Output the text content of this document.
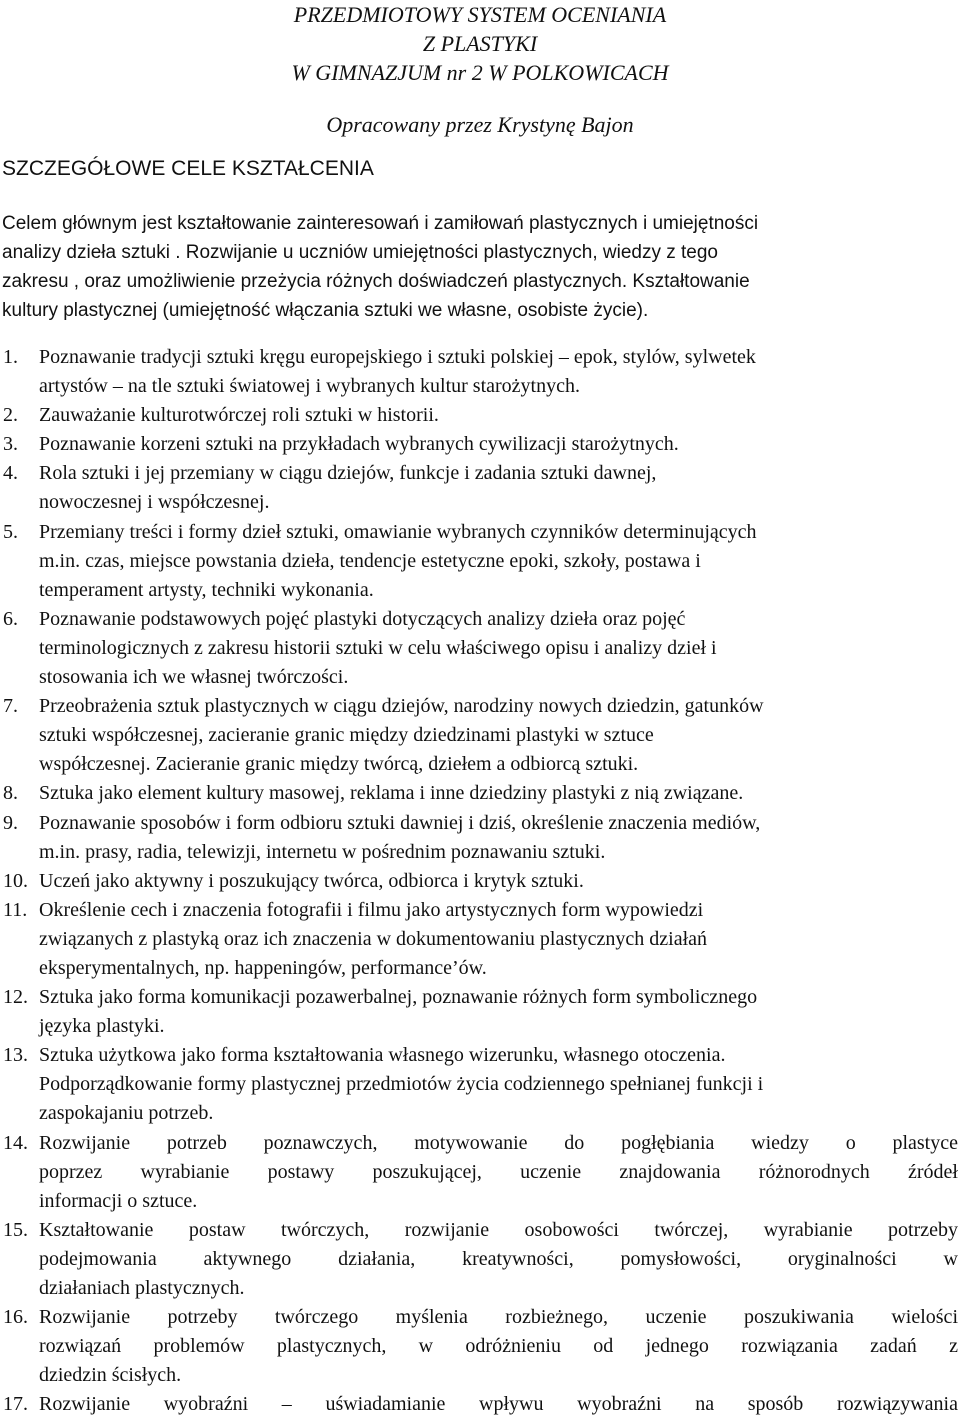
PRZEDMIOTOWY SYSTEM OCENIANIA
Z PLASTYKI
W GIMNAZJUM nr 2 W POLKOWICACH
Opracowany przez Krystynę Bajon
SZCZEGÓŁOWE CELE KSZTAŁCENIA
Celem głównym jest kształtowanie zainteresowań i zamiłowań plastycznych i umiejętności
analizy dzieła sztuki . Rozwijanie u uczniów umiejętności plastycznych, wiedzy z tego
zakresu , oraz umożliwienie przeżycia różnych doświadczeń plastycznych. Kształtowanie
kultury plastycznej (umiejętność włączania sztuki we własne, osobiste życie).
1. Poznawanie tradycji sztuki kręgu europejskiego i sztuki polskiej – epok, stylów, sylwetek
artystów – na tle sztuki światowej i wybranych kultur starożytnych.
2. Zauważanie kulturotwórczej roli sztuki w historii.
3. Poznawanie korzeni sztuki na przykładach wybranych cywilizacji starożytnych.
4. Rola sztuki i jej przemiany w ciągu dziejów, funkcje i zadania sztuki dawnej,
nowoczesnej i współczesnej.
5. Przemiany treści i formy dzieł sztuki, omawianie wybranych czynników determinujących
m.in. czas, miejsce powstania dzieła, tendencje estetyczne epoki, szkoły, postawa i
temperament artysty, techniki wykonania.
6. Poznawanie podstawowych pojęć plastyki dotyczących analizy dzieła oraz pojęć
terminologicznych z zakresu historii sztuki w celu właściwego opisu i analizy dzieł i
stosowania ich we własnej twórczości.
7. Przeobrażenia sztuk plastycznych w ciągu dziejów, narodziny nowych dziedzin, gatunków
sztuki współczesnej, zacieranie granic między dziedzinami plastyki w sztuce
współczesnej. Zacieranie granic między twórcą, dziełem a odbiorcą sztuki.
8. Sztuka jako element kultury masowej, reklama i inne dziedziny plastyki z nią związane.
9. Poznawanie sposobów i form odbioru sztuki dawniej i dziś, określenie znaczenia mediów,
m.in. prasy, radia, telewizji, internetu w pośrednim poznawaniu sztuki.
10. Uczeń jako aktywny i poszukujący twórca, odbiorca i krytyk sztuki.
11. Określenie cech i znaczenia fotografii i filmu jako artystycznych form wypowiedzi
związanych z plastyką oraz ich znaczenia w dokumentowaniu plastycznych działań
eksperymentalnych, np. happeningów, performance’ów.
12. Sztuka jako forma komunikacji pozawerbalnej, poznawanie różnych form symbolicznego
języka plastyki.
13. Sztuka użytkowa jako forma kształtowania własnego wizerunku, własnego otoczenia.
Podporządkowanie formy plastycznej przedmiotów życia codziennego spełnianej funkcji i
zaspokajaniu potrzeb.
14. Rozwijanie potrzeb poznawczych, motywowanie do pogłębiania wiedzy o plastyce
poprzez wyrabianie postawy poszukującej, uczenie znajdowania różnorodnych źródeł
informacji o sztuce.
15. Kształtowanie postaw twórczych, rozwijanie osobowości twórczej, wyrabianie potrzeby
podejmowania aktywnego działania, kreatywności, pomysłowości, oryginalności w
działaniach plastycznych.
16. Rozwijanie potrzeby twórczego myślenia rozbieżnego, uczenie poszukiwania wielości
rozwiązań problemów plastycznych, w odróżnieniu od jednego rozwiązania zadań z
dziedzin ścisłych.
17. Rozwijanie wyobraźni – uświadamianie wpływu wyobraźni na sposób rozwiązywania
